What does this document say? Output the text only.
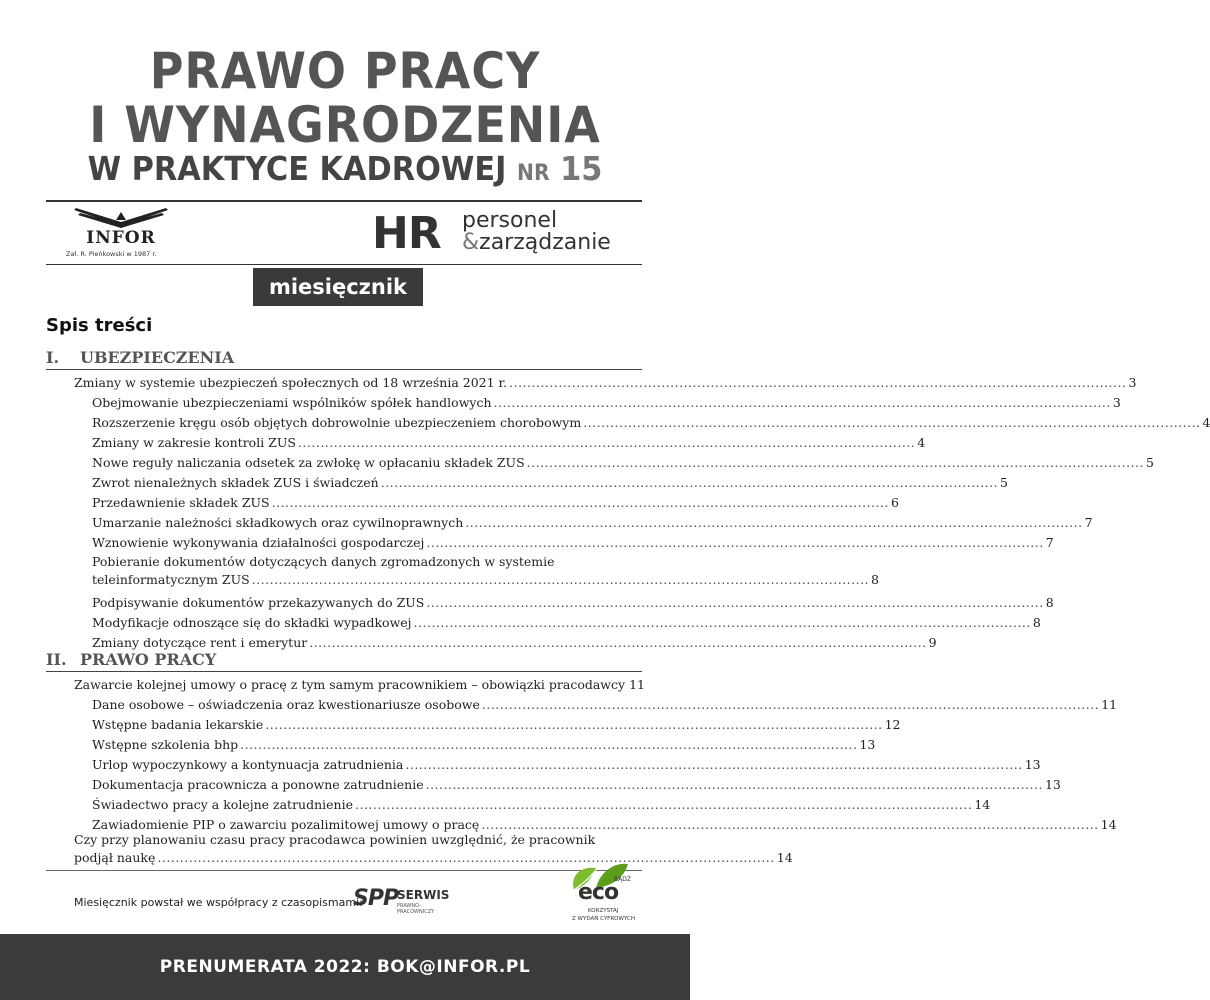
PRAWO PRACY
I WYNAGRODZENIA
W PRAKTYCE KADROWEJ NR 15
INFOR
Zał. R. Pieńkowski w 1987 r.	HR personel
&zarządzanie
miesięcznik
Spis treści
I. UBEZPIECZENIA
Zmiany w systemie ubezpieczeń społecznych od 18 września 2021 r. .......................................................................................................................................... 3
Obejmowanie ubezpieczeniami wspólników spółek handlowych .......................................................................................................................................... 3
Rozszerzenie kręgu osób objętych dobrowolnie ubezpieczeniem chorobowym .......................................................................................................................................... 4
Zmiany w zakresie kontroli ZUS .......................................................................................................................................... 4
Nowe reguły naliczania odsetek za zwłokę w opłacaniu składek ZUS .......................................................................................................................................... 5
Zwrot nienależnych składek ZUS i świadczeń .......................................................................................................................................... 5
Przedawnienie składek ZUS .......................................................................................................................................... 6
Umarzanie należności składkowych oraz cywilnoprawnych .......................................................................................................................................... 7
Wznowienie wykonywania działalności gospodarczej .......................................................................................................................................... 7
Pobieranie dokumentów dotyczących danych zgromadzonych w systemie
teleinformatycznym ZUS .......................................................................................................................................... 8
Podpisywanie dokumentów przekazywanych do ZUS .......................................................................................................................................... 8
Modyfikacje odnoszące się do składki wypadkowej .......................................................................................................................................... 8
Zmiany dotyczące rent i emerytur .......................................................................................................................................... 9
II. PRAWO PRACY
Zawarcie kolejnej umowy o pracę z tym samym pracownikiem – obowiązki pracodawcy 11
Dane osobowe – oświadczenia oraz kwestionariusze osobowe .......................................................................................................................................... 11
Wstępne badania lekarskie .......................................................................................................................................... 12
Wstępne szkolenia bhp .......................................................................................................................................... 13
Urlop wypoczynkowy a kontynuacja zatrudnienia .......................................................................................................................................... 13
Dokumentacja pracownicza a ponowne zatrudnienie .......................................................................................................................................... 13
Świadectwo pracy a kolejne zatrudnienie .......................................................................................................................................... 14
Zawiadomienie PIP o zawarciu pozalimitowej umowy o pracę .......................................................................................................................................... 14
Czy przy planowaniu czasu pracy pracodawca powinien uwzględnić, że pracownik
podjął naukę .......................................................................................................................................... 14
Miesięcznik powstał we współpracy z czasopismami:
SPP
SERWIS
PRAWNO-PRACOWNICZY
BĄDŹ
eco
KORZYSTAJ
Z WYDAŃ CYFROWYCH
PRENUMERATA 2022: BOK@INFOR.PL
